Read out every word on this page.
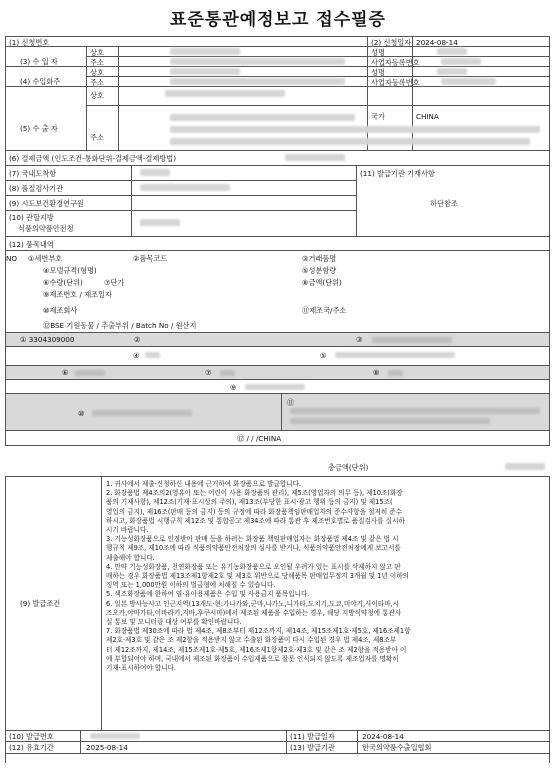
표준통관예정보고 접수필증
(1) 신청번호	(2) 신청일자 2024-08-14
(3) 수 입 자
상호
주소
성명
사업자등록번호
(4) 수입화주
상호
주소
성명
사업자등록번호
(5) 수 출 자
상호
주소
국가	CHINA
(6) 결제금액 (인도조건-통화단위-결제금액-결제방법)
(7) 국내도착항	(11) 발급기관 기재사항
(8) 품질검사기관
(9) 시도보건환경연구원	하단참조
(10) 관할지방
식품의약품안전청
(12) 품목내역
NO ①세번부호	②품목코드	③거래품명
④모델규격(형명)	⑤성분함량
⑥수량(단위)	⑦단가	⑧금액(단위)
⑨제조번호 / 제조일자
⑩제조회사	⑪제조국/주소
⑫BSE 기원동물 / 추출부위 / Batch No / 원산지
① 3304309000	②	③
④	⑤
⑥	⑦	⑧
⑨
⑩
⑪
⑫ / / /CHINA
총금액(단위)
(9) 발급조건
1. 귀사에서 제출·신청하신 내용에 근거하여 화장품으로 발급합니다.
2. 화장품법 제4조의2(영유아 또는 어린이 사용 화장품의 관리), 제5조(영업자의 의무 등), 제10조(화장
품의 기재사항), 제12조(기재·표시상의 주의), 제13조(부당한 표시·광고 행위 등의 금지) 및 제15조(
영업의 금지), 제16조(판매 등의 금지) 등의 규정에 따라 화장품책임판매업자의 준수사항을 철저히 준수
하시고, 화장품법 시행규칙 제12조 및 통합공고 제34조에 따라 통관 후 제조번호별로 품질검사를 실시하
시기 바랍니다.
3. 기능성화장품으로 인정받아 판매 등을 하려는 화장품 책임판매업자는 화장품법 제4조 및 같은 법 시
행규칙 제9조, 제10조에 따라 식품의약품안전처장의 심사를 받거나, 식품의약품안전처장에게 보고서를
제출해야 합니다.
4. 만약 기능성화장품, 천연화장품 또는 유기농화장품으로 오인될 우려가 있는 표시를 삭제하지 않고 판
매하는 경우 화장품법 제13조제1항제2호 및 제3호 위반으로 당해품목 판매업무정지 3개월 및 1년 이하의
징역 또는 1,000만원 이하의 벌금형에 처해질 수 있습니다.
5. 색조화장품에 한하여 염·유아용제품은 수입 및 사용금지 품목입니다.
6. 일본 방사능사고 인근지역(13개도·현:가나가와,군마,나가노,니가타,도치기,도쿄,미야기,사이타마,시
즈오카,야마가타,이바라키,지바,후쿠시마)에서 제조된 제품을 수입하는 경우, 해당 지방식약청에 통관사
실 통보 및 모니터링 대상 여부를 확인바랍니다.
7. 화장품법 제30조에 따라 법 제4조, 제8조부터 제12조까지, 제14조, 제15조제1호·제5호, 제16조제1항
제2호·제3호 및 같은 조 제2항을 적용받지 않고 수출된 화장품이 다시 수입된 경우 법 제4조, 제8조부
터 제12조까지, 제14조, 제15조제1호·제5호, 제16조제1항제2호·제3호 및 같은 조 제2항을 적용받아 이
에 부합되어야 하며, 국내에서 제조된 화장품이 수입제품으로 잘못 인식되지 않도록 제조업자를 명확히
기재·표시하여야 합니다.
(10) 발급번호	(11) 발급일자	2024-08-14
(12) 유효기간	2025-08-14	(13) 발급기관	한국의약품수출입협회
